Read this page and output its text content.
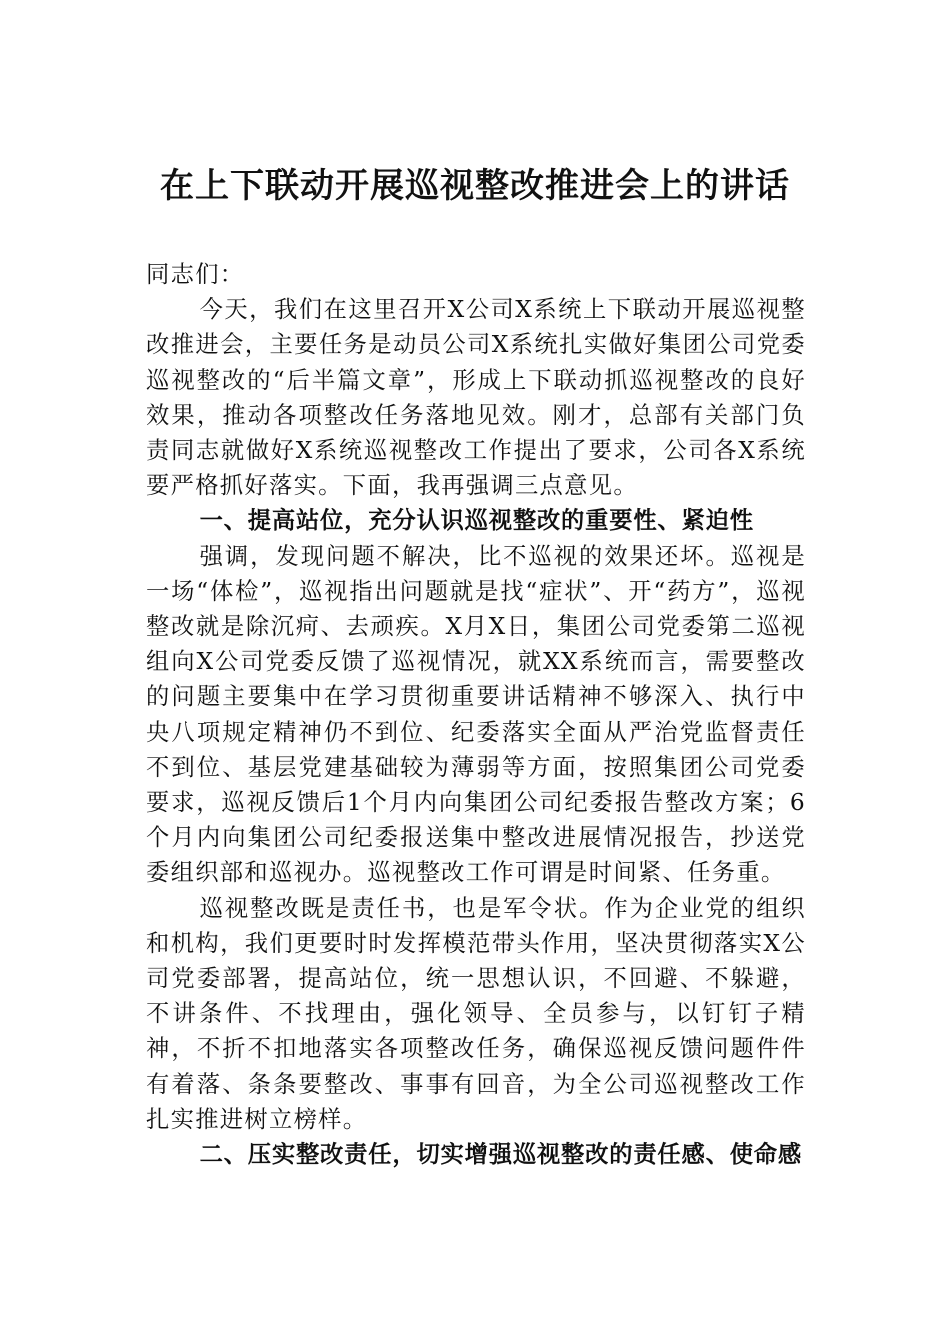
在上下联动开展巡视整改推进会上的讲话

同志们：

今天，我们在这里召开X公司X系统上下联动开展巡视整改推进会，主要任务是动员公司X系统扎实做好集团公司党委巡视整改的“后半篇文章”，形成上下联动抓巡视整改的良好效果，推动各项整改任务落地见效。刚才，总部有关部门负责同志就做好X系统巡视整改工作提出了要求，公司各X系统要严格抓好落实。下面，我再强调三点意见。

一、提高站位，充分认识巡视整改的重要性、紧迫性

强调，发现问题不解决，比不巡视的效果还坏。巡视是一场“体检”，巡视指出问题就是找“症状”、开“药方”，巡视整改就是除沉疴、去顽疾。X月X日，集团公司党委第二巡视组向X公司党委反馈了巡视情况，就XX系统而言，需要整改的问题主要集中在学习贯彻重要讲话精神不够深入、执行中央八项规定精神仍不到位、纪委落实全面从严治党监督责任不到位、基层党建基础较为薄弱等方面，按照集团公司党委要求，巡视反馈后1个月内向集团公司纪委报告整改方案；6个月内向集团公司纪委报送集中整改进展情况报告，抄送党委组织部和巡视办。巡视整改工作可谓是时间紧、任务重。

巡视整改既是责任书，也是军令状。作为企业党的组织和机构，我们更要时时发挥模范带头作用，坚决贯彻落实X公司党委部署，提高站位，统一思想认识，不回避、不躲避，不讲条件、不找理由，强化领导、全员参与，以钉钉子精神，不折不扣地落实各项整改任务，确保巡视反馈问题件件有着落、条条要整改、事事有回音，为全公司巡视整改工作扎实推进树立榜样。

二、压实整改责任，切实增强巡视整改的责任感、使命感
